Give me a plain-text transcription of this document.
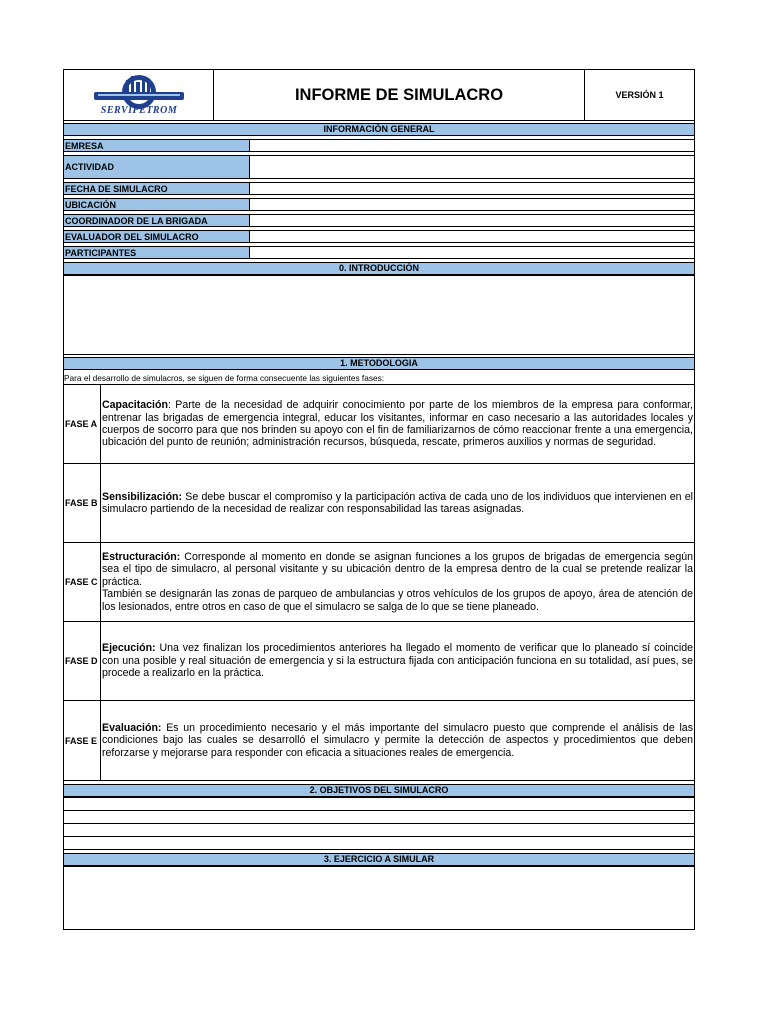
SERVIPETROM
INFORME DE SIMULACRO	VERSIÓN 1
INFORMACIÓN GENERAL
EMRESA
ACTIVIDAD
FECHA DE SIMULACRO
UBICACIÓN
COORDINADOR DE LA BRIGADA
EVALUADOR DEL SIMULACRO
PARTICIPANTES
0. INTRODUCCIÓN
1. METODOLOGIA
Para el desarrollo de simulacros, se siguen de forma consecuente las siguientes fases:
FASE A
Capacitación: Parte de la necesidad de adquirir conocimiento por parte de los miembros de la empresa para conformar, entrenar las brigadas de emergencia integral, educar los visitantes, informar en caso necesario a las autoridades locales y cuerpos de socorro para que nos brinden su apoyo con el fin de familiarizarnos de cómo reaccionar frente a una emergencia, ubicación del punto de reunión; administración recursos, búsqueda, rescate, primeros auxilios y normas de seguridad.
FASE B
Sensibilización: Se debe buscar el compromiso y la participación activa de cada uno de los individuos que intervienen en el simulacro partiendo de la necesidad de realizar con responsabilidad las tareas asignadas.
FASE C
Estructuración: Corresponde al momento en donde se asignan funciones a los grupos de brigadas de emergencia según sea el tipo de simulacro, al personal visitante y su ubicación dentro de la empresa dentro de la cual se pretende realizar la práctica.
También se designarán las zonas de parqueo de ambulancias y otros vehículos de los grupos de apoyo, área de atención de los lesionados, entre otros en caso de que el simulacro se salga de lo que se tiene planeado.
FASE D
Ejecución: Una vez finalizan los procedimientos anteriores ha llegado el momento de verificar que lo planeado sí coincide con una posible y real situación de emergencia y si la estructura fijada con anticipación funciona en su totalidad, así pues, se procede a realizarlo en la práctica.
FASE E
Evaluación: Es un procedimiento necesario y el más importante del simulacro puesto que comprende el análisis de las condiciones bajo las cuales se desarrolló el simulacro y permite la detección de aspectos y procedimientos que deben reforzarse y mejorarse para responder con eficacia a situaciones reales de emergencia.
2. OBJETIVOS DEL SIMULACRO
3. EJERCICIO A SIMULAR
